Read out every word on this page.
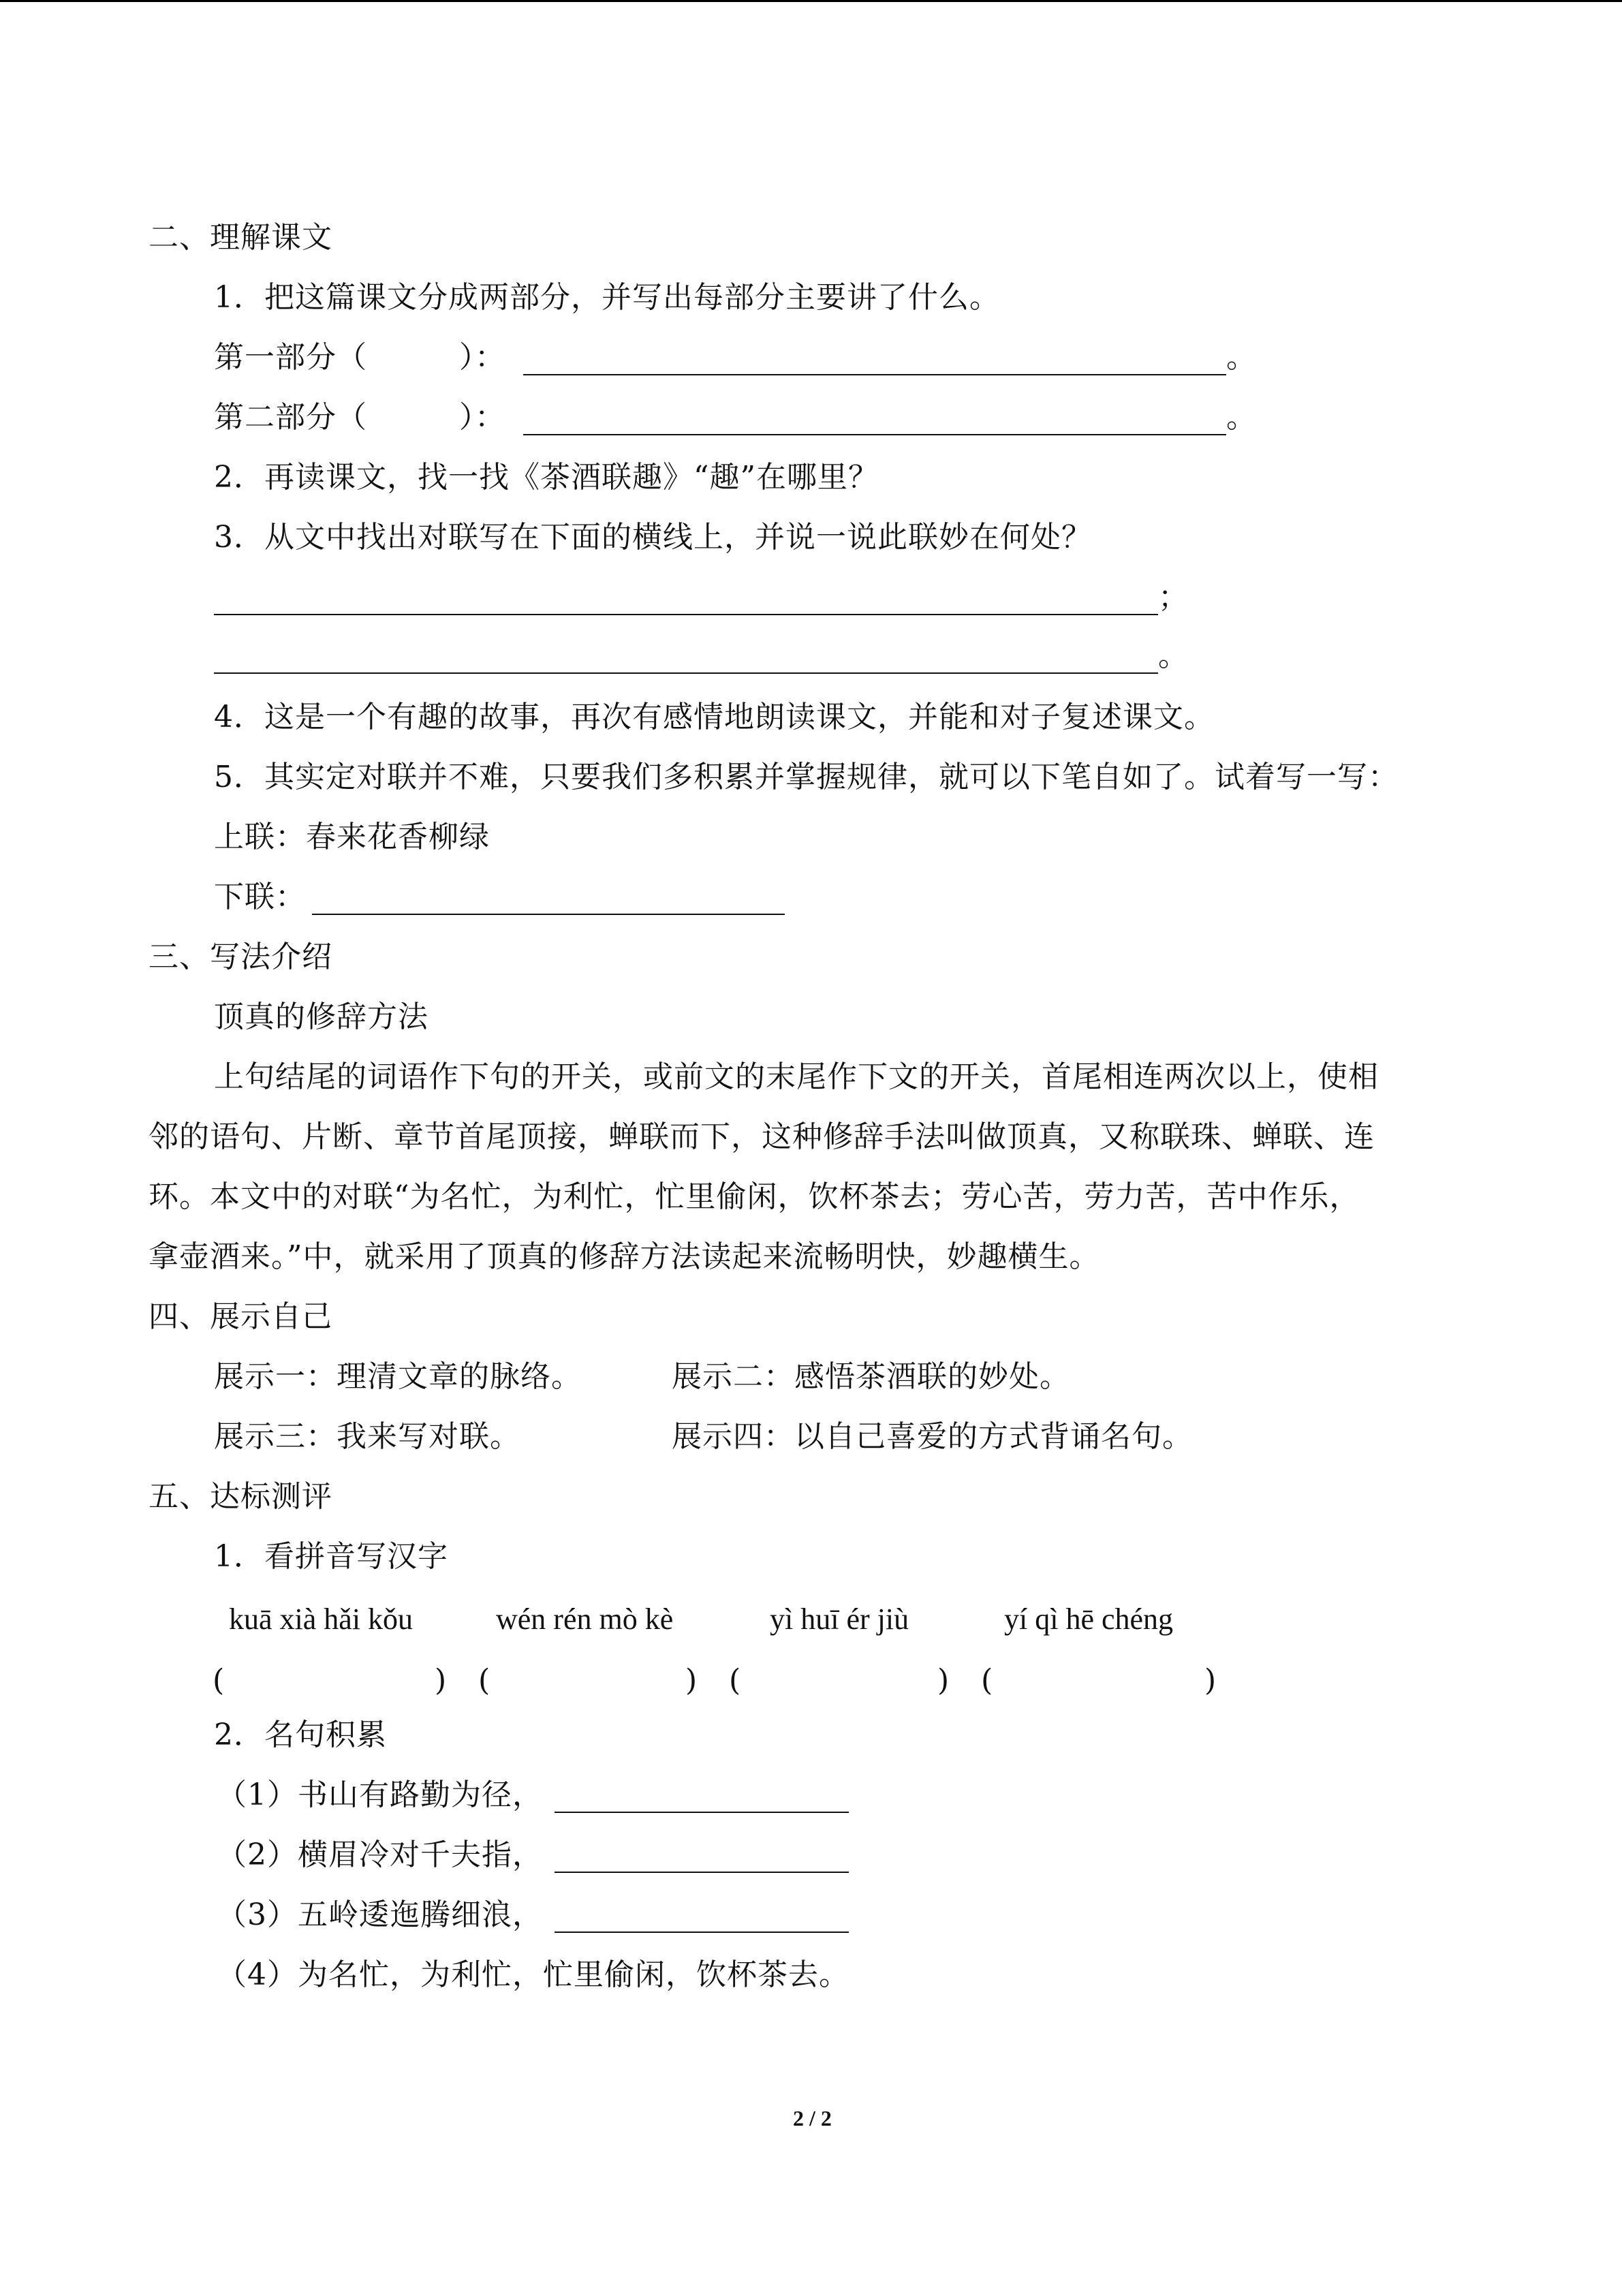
二、理解课文
1．把这篇课文分成两部分，并写出每部分主要讲了什么。
第一部分（　　　）：	。
第二部分（　　　）：	。
2．再读课文，找一找《茶酒联趣》“趣”在哪里？
3．从文中找出对联写在下面的横线上，并说一说此联妙在何处？
；
。
4．这是一个有趣的故事，再次有感情地朗读课文，并能和对子复述课文。
5．其实定对联并不难，只要我们多积累并掌握规律，就可以下笔自如了。试着写一写：
上联：春来花香柳绿
下联：
三、写法介绍
顶真的修辞方法
上句结尾的词语作下句的开关，或前文的末尾作下文的开关，首尾相连两次以上，使相
邻的语句、片断、章节首尾顶接，蝉联而下，这种修辞手法叫做顶真，又称联珠、蝉联、连
环。本文中的对联“为名忙，为利忙，忙里偷闲，饮杯茶去；劳心苦，劳力苦，苦中作乐，
拿壶酒来。”中，就采用了顶真的修辞方法读起来流畅明快，妙趣横生。
四、展示自己
展示一：理清文章的脉络。	展示二：感悟茶酒联的妙处。
展示三：我来写对联。	展示四：以自己喜爱的方式背诵名句。
五、达标测评
1．看拼音写汉字
kuā xià hǎi kǒu	wén rén mò kè	yì huī ér jiù	yí qì hē chéng
(	) (	) (	) (	)
2．名句积累
（1）书山有路勤为径，
（2）横眉冷对千夫指，
（3）五岭逶迤腾细浪，
（4）为名忙，为利忙，忙里偷闲，饮杯茶去。
2 / 2
